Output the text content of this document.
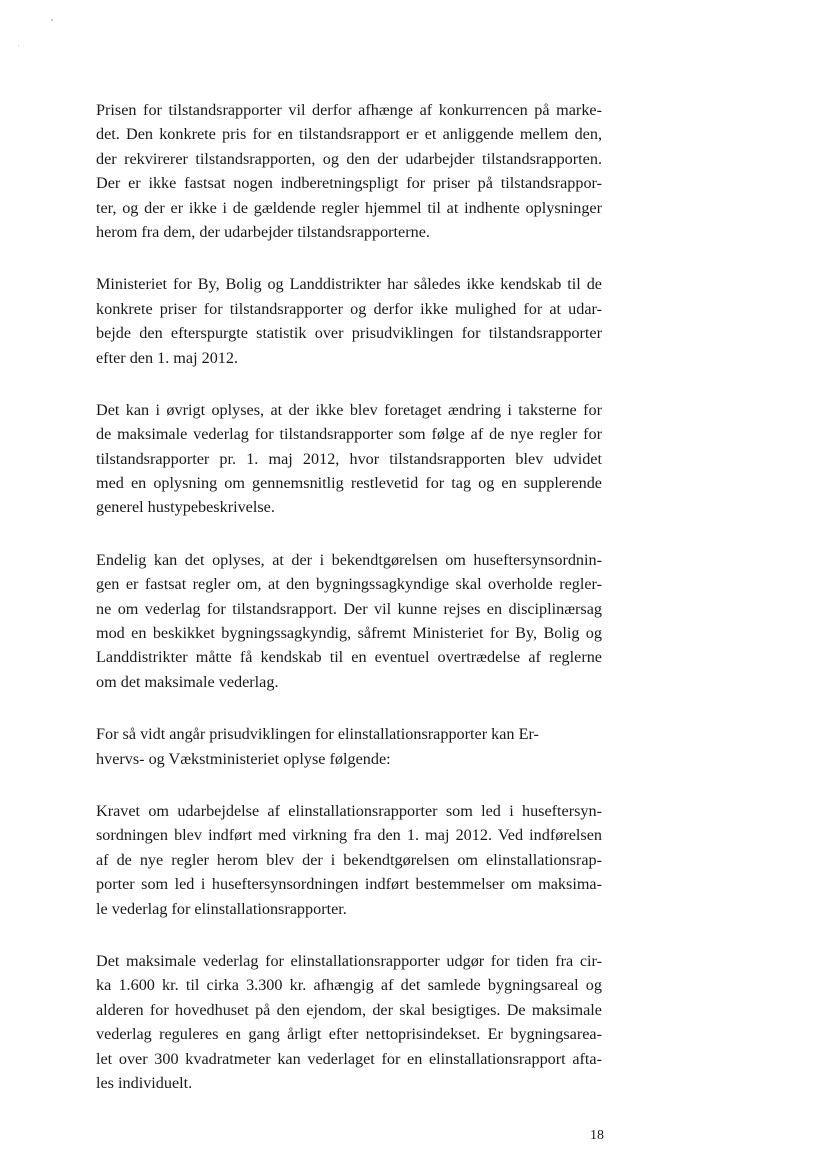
Prisen for tilstandsrapporter vil derfor afhænge af konkurrencen på marke-
det. Den konkrete pris for en tilstandsrapport er et anliggende mellem den,
der rekvirerer tilstandsrapporten, og den der udarbejder tilstandsrapporten.
Der er ikke fastsat nogen indberetningspligt for priser på tilstandsrappor-
ter, og der er ikke i de gældende regler hjemmel til at indhente oplysninger
herom fra dem, der udarbejder tilstandsrapporterne.
Ministeriet for By, Bolig og Landdistrikter har således ikke kendskab til de
konkrete priser for tilstandsrapporter og derfor ikke mulighed for at udar-
bejde den efterspurgte statistik over prisudviklingen for tilstandsrapporter
efter den 1. maj 2012.
Det kan i øvrigt oplyses, at der ikke blev foretaget ændring i taksterne for
de maksimale vederlag for tilstandsrapporter som følge af de nye regler for
tilstandsrapporter pr. 1. maj 2012, hvor tilstandsrapporten blev udvidet
med en oplysning om gennemsnitlig restlevetid for tag og en supplerende
generel hustypebeskrivelse.
Endelig kan det oplyses, at der i bekendtgørelsen om huseftersynsordnin-
gen er fastsat regler om, at den bygningssagkyndige skal overholde regler-
ne om vederlag for tilstandsrapport. Der vil kunne rejses en disciplinærsag
mod en beskikket bygningssagkyndig, såfremt Ministeriet for By, Bolig og
Landdistrikter måtte få kendskab til en eventuel overtrædelse af reglerne
om det maksimale vederlag.
For så vidt angår prisudviklingen for elinstallationsrapporter kan Er-
hvervs- og Vækstministeriet oplyse følgende:
Kravet om udarbejdelse af elinstallationsrapporter som led i huseftersyn-
sordningen blev indført med virkning fra den 1. maj 2012. Ved indførelsen
af de nye regler herom blev der i bekendtgørelsen om elinstallationsrap-
porter som led i huseftersynsordningen indført bestemmelser om maksima-
le vederlag for elinstallationsrapporter.
Det maksimale vederlag for elinstallationsrapporter udgør for tiden fra cir-
ka 1.600 kr. til cirka 3.300 kr. afhængig af det samlede bygningsareal og
alderen for hovedhuset på den ejendom, der skal besigtiges. De maksimale
vederlag reguleres en gang årligt efter nettoprisindekset. Er bygningsarea-
let over 300 kvadratmeter kan vederlaget for en elinstallationsrapport afta-
les individuelt.
18
